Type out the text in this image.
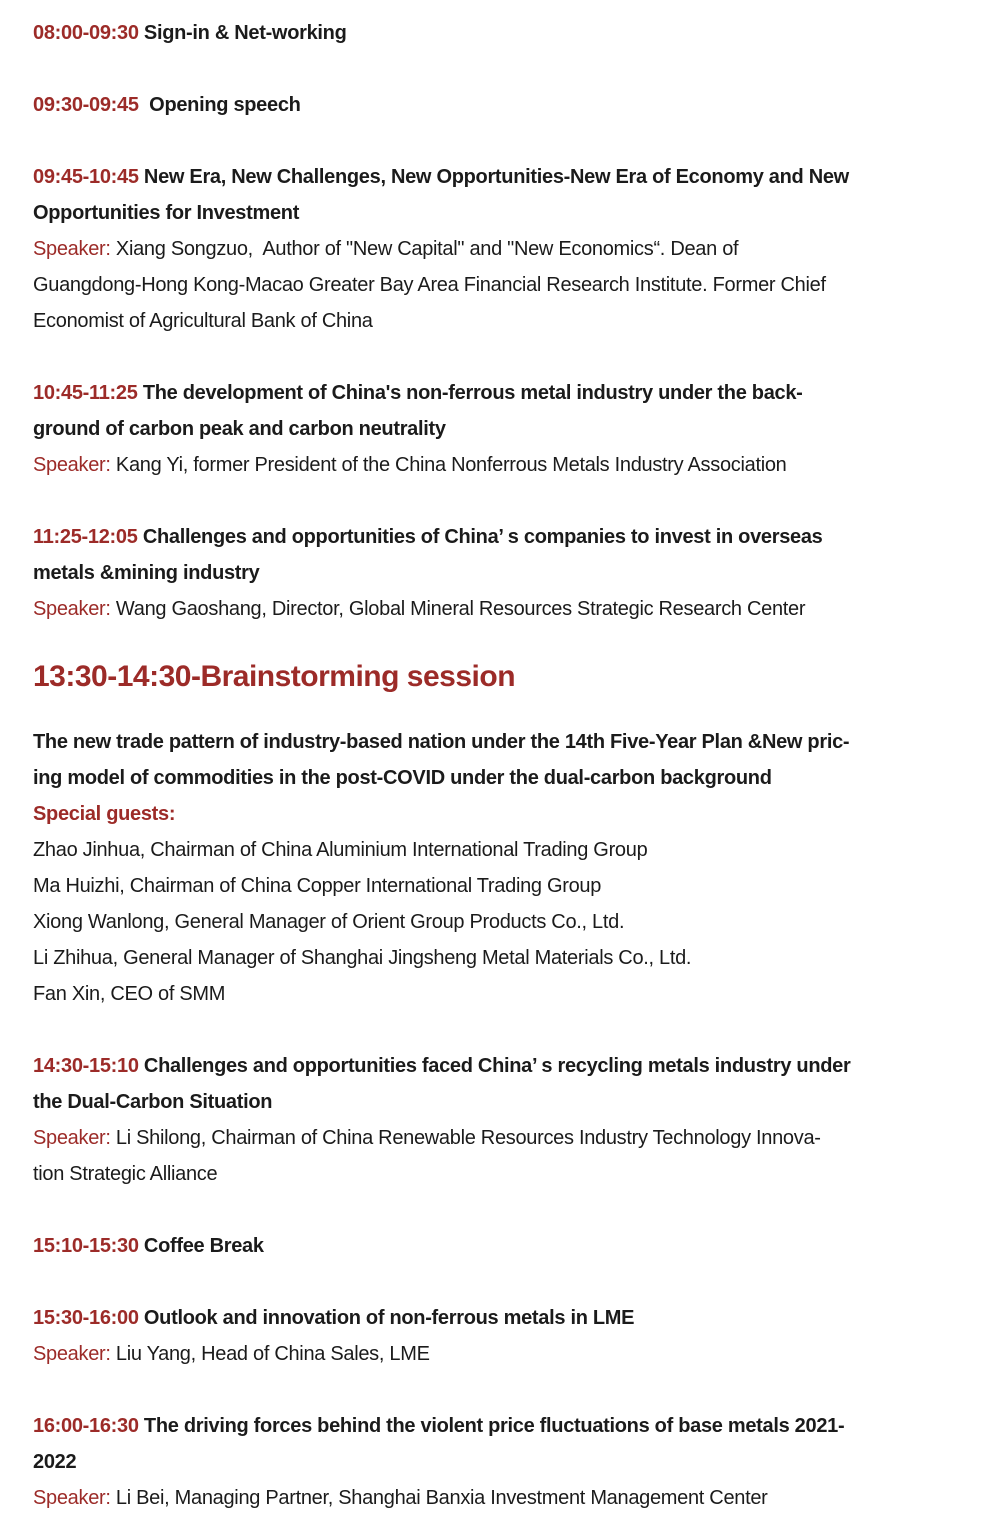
08:00-09:30 Sign-in & Net-working

09:30-09:45  Opening speech

09:45-10:45 New Era, New Challenges, New Opportunities-New Era of Economy and New

Opportunities for Investment

Speaker: Xiang Songzuo,  Author of "New Capital" and "New Economics“. Dean of

Guangdong-Hong Kong-Macao Greater Bay Area Financial Research Institute. Former Chief

Economist of Agricultural Bank of China

10:45-11:25 The development of China's non-ferrous metal industry under the back-

ground of carbon peak and carbon neutrality

Speaker: Kang Yi, former President of the China Nonferrous Metals Industry Association

11:25-12:05 Challenges and opportunities of China’ s companies to invest in overseas

metals &mining industry

Speaker: Wang Gaoshang, Director, Global Mineral Resources Strategic Research Center

13:30-14:30-Brainstorming session

The new trade pattern of industry-based nation under the 14th Five-Year Plan &New pric-

ing model of commodities in the post-COVID under the dual-carbon background

Special guests:

Zhao Jinhua, Chairman of China Aluminium International Trading Group

Ma Huizhi, Chairman of China Copper International Trading Group

Xiong Wanlong, General Manager of Orient Group Products Co., Ltd.

Li Zhihua, General Manager of Shanghai Jingsheng Metal Materials Co., Ltd.

Fan Xin, CEO of SMM

14:30-15:10 Challenges and opportunities faced China’ s recycling metals industry under

the Dual-Carbon Situation

Speaker: Li Shilong, Chairman of China Renewable Resources Industry Technology Innova-

tion Strategic Alliance

15:10-15:30 Coffee Break

15:30-16:00 Outlook and innovation of non-ferrous metals in LME

Speaker: Liu Yang, Head of China Sales, LME

16:00-16:30 The driving forces behind the violent price fluctuations of base metals 2021-

2022

Speaker: Li Bei, Managing Partner, Shanghai Banxia Investment Management Center
